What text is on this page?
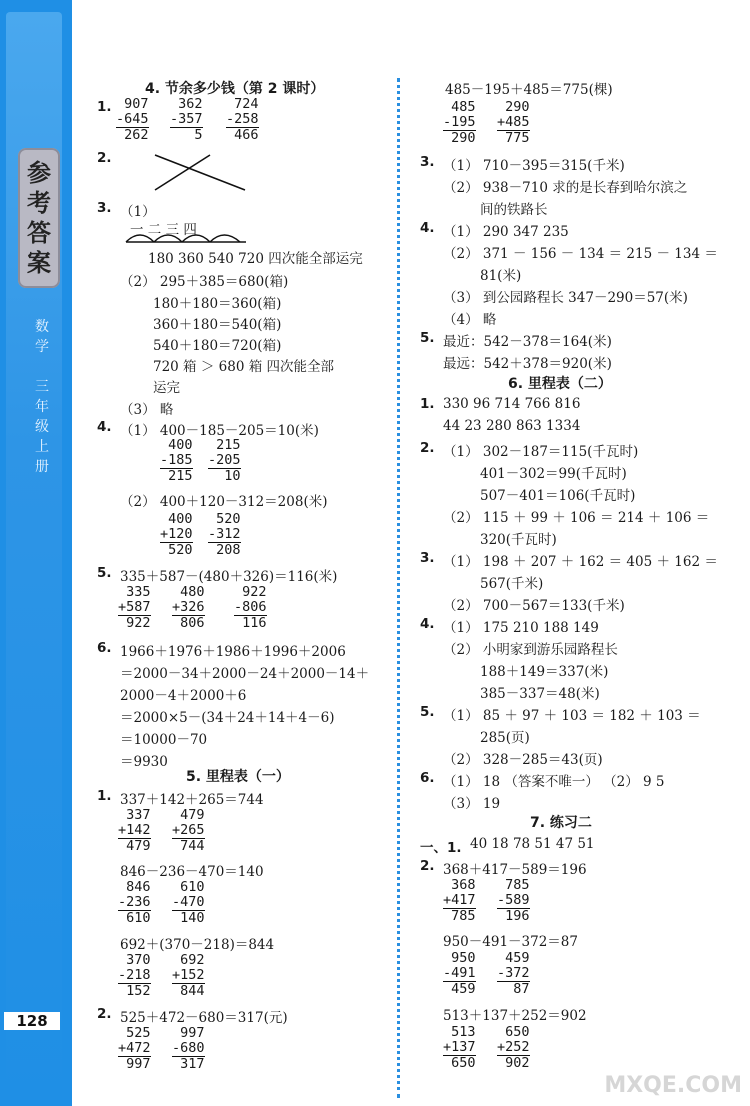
参
考
答
案
数
学

三
年
级
上
册
128
4. 节余多少钱（第 2 课时）
1. 907
-645
262
362
-357
5
724
-258
466
2.
3. （1）
一 二 三 四
180 360 540 720 四次能全部运完
（2） 295＋385＝680(箱)
180＋180＝360(箱)
360＋180＝540(箱)
540＋180＝720(箱)
720 箱 ＞ 680 箱 四次能全部
运完
（3） 略
4. （1） 400－185－205＝10(米)
400
-185
215
215
-205
10
（2） 400＋120－312＝208(米)
400
+120
520
520
-312
208
5. 335＋587－(480＋326)＝116(米)
335
+587
922
480
+326
806
922
-806
116
6. 1966＋1976＋1986＋1996＋2006
＝2000－34＋2000－24＋2000－14＋
2000－4＋2000＋6
＝2000×5－(34＋24＋14＋4－6)
＝10000－70
＝9930
5. 里程表（一）
1. 337＋142＋265＝744
337
+142
479
479
+265
744
846－236－470＝140
846
-236
610
610
-470
140
692＋(370－218)＝844
370
-218
152
692
+152
844
2. 525＋472－680＝317(元)
525
+472
997
997
-680
317
485－195＋485＝775(棵)
485
-195
290
290
+485
775
3. （1） 710－395＝315(千米)
（2） 938－710 求的是长春到哈尔滨之
间的铁路长
4. （1） 290 347 235
（2） 371 － 156 － 134 ＝ 215 － 134 ＝
81(米)
（3） 到公园路程长 347－290＝57(米)
（4） 略
5. 最近：542－378＝164(米)
最远：542＋378＝920(米)
6. 里程表（二）
1. 330 96 714 766 816
44 23 280 863 1334
2. （1） 302－187＝115(千瓦时)
401－302＝99(千瓦时)
507－401＝106(千瓦时)
（2） 115 ＋ 99 ＋ 106 ＝ 214 ＋ 106 ＝
320(千瓦时)
3. （1） 198 ＋ 207 ＋ 162 ＝ 405 ＋ 162 ＝
567(千米)
（2） 700－567＝133(千米)
4. （1） 175 210 188 149
（2） 小明家到游乐园路程长
188＋149＝337(米)
385－337＝48(米)
5. （1） 85 ＋ 97 ＋ 103 ＝ 182 ＋ 103 ＝
285(页)
（2） 328－285＝43(页)
6. （1） 18 （答案不唯一） （2） 9 5
（3） 19
7. 练习二
一、1. 40 18 78 51 47 51
2. 368＋417－589＝196
368
+417
785
785
-589
196
950－491－372＝87
950
-491
459
459
-372
87
513＋137＋252＝902
513
+137
650
650
+252
902
MXQE.COM
